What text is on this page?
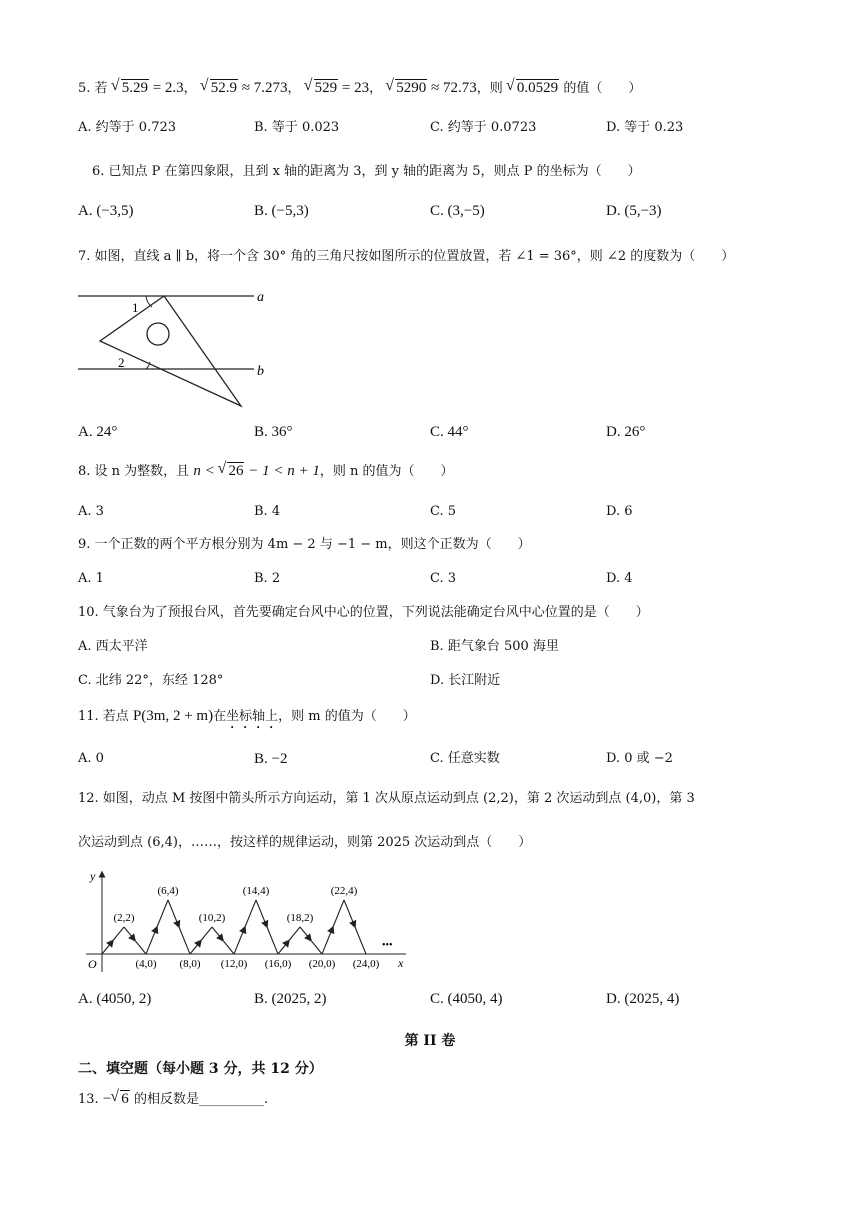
5. 若 √ 5.29 = 2.3， √ 52.9 ≈ 7.273， √ 529 = 23， √ 5290 ≈ 72.73，则 √ 0.0529 的值（　　）
A. 约等于 0.723	B. 等于 0.023	C. 约等于 0.0723	D. 等于 0.23
6. 已知点 P 在第四象限，且到 x 轴的距离为 3，到 y 轴的距离为 5，则点 P 的坐标为（　　）
A. (−3,5)	B. (−5,3)	C. (3,−5)	D. (5,−3)
7. 如图，直线 a ∥ b，将一个含 30° 角的三角尺按如图所示的位置放置，若 ∠1 = 36°，则 ∠2 的度数为（　　）
a
b
1
2
A. 24°	B. 36°	C. 44°	D. 26°
8. 设 n 为整数，且 n < √ 26 − 1 < n + 1，则 n 的值为（　　）
A. 3	B. 4	C. 5	D. 6
9. 一个正数的两个平方根分别为 4m − 2 与 −1 − m，则这个正数为（　　）
A. 1	B. 2	C. 3	D. 4
10. 气象台为了预报台风，首先要确定台风中心的位置，下列说法能确定台风中心位置的是（　　）
A. 西太平洋	B. 距气象台 500 海里
C. 北纬 22°，东经 128°	D. 长江附近
11. 若点 P(3m, 2 + m)在坐标轴上，则 m 的值为（　　）
A. 0	B. −2	C. 任意实数	D. 0 或 −2
12. 如图，动点 M 按图中箭头所示方向运动，第 1 次从原点运动到点 (2,2)，第 2 次运动到点 (4,0)，第 3
次运动到点 (6,4)，……，按这样的规律运动，则第 2025 次运动到点（　　）
y
x
O
(2,2)
(6,4)
(10,2)
(14,4)
(18,2)
(22,4)
(4,0) (8,0) (12,0) (16,0) (20,0) (24,0)
•••
A. (4050, 2)	B. (2025, 2)	C. (4050, 4)	D. (2025, 4)
第 II 卷
二、填空题（每小题 3 分，共 12 分）
13. − √ 6 的相反数是__________.
